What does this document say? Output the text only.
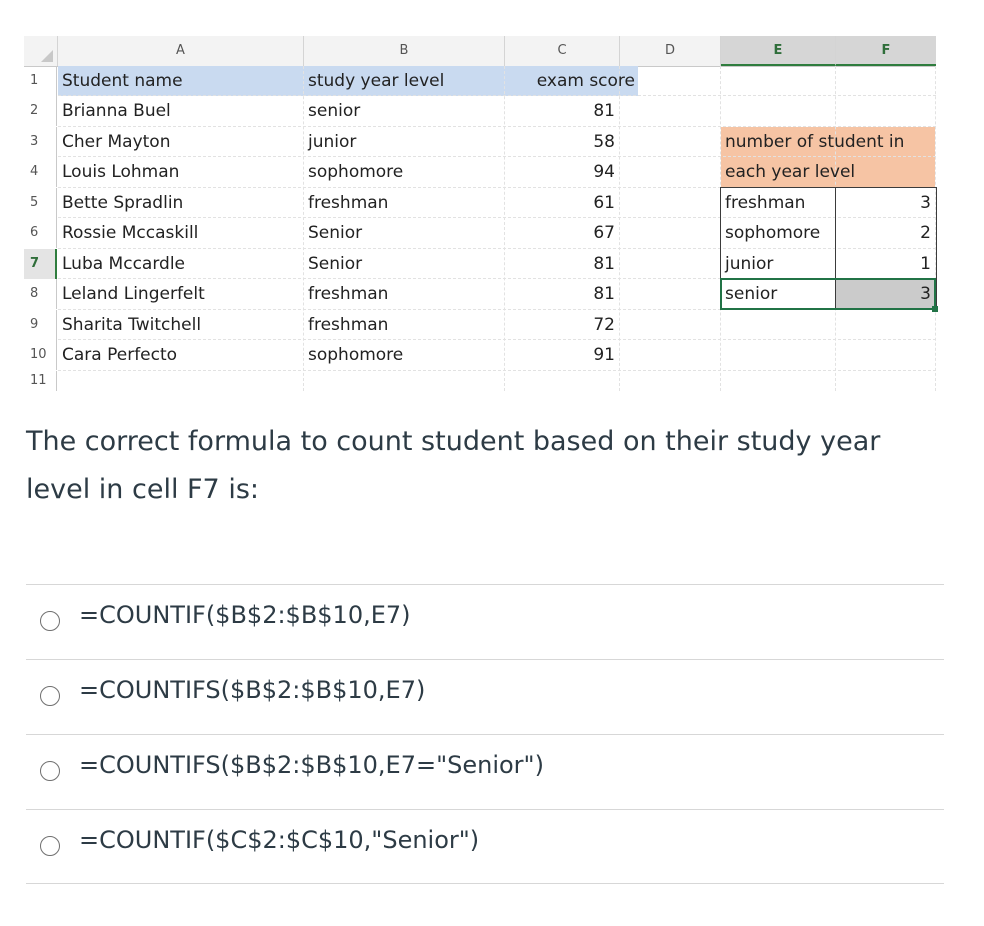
A	B	C	D	E	F
1
2
3
4
5
6
7
8
9
10
11
Student name	study year level	exam score
Brianna Buel	senior	81
Cher Mayton	junior	58
Louis Lohman	sophomore	94
Bette Spradlin	freshman	61
Rossie Mccaskill	Senior	67
Luba Mccardle	Senior	81
Leland Lingerfelt	freshman	81
Sharita Twitchell	freshman	72
Cara Perfecto	sophomore	91
number of student in
each year level
freshman	3
sophomore	2
junior	1
senior	3
The correct formula to count student based on their study year level in cell F7 is:
=COUNTIF($B$2:$B$10,E7)
=COUNTIFS($B$2:$B$10,E7)
=COUNTIFS($B$2:$B$10,E7="Senior")
=COUNTIF($C$2:$C$10,"Senior")
